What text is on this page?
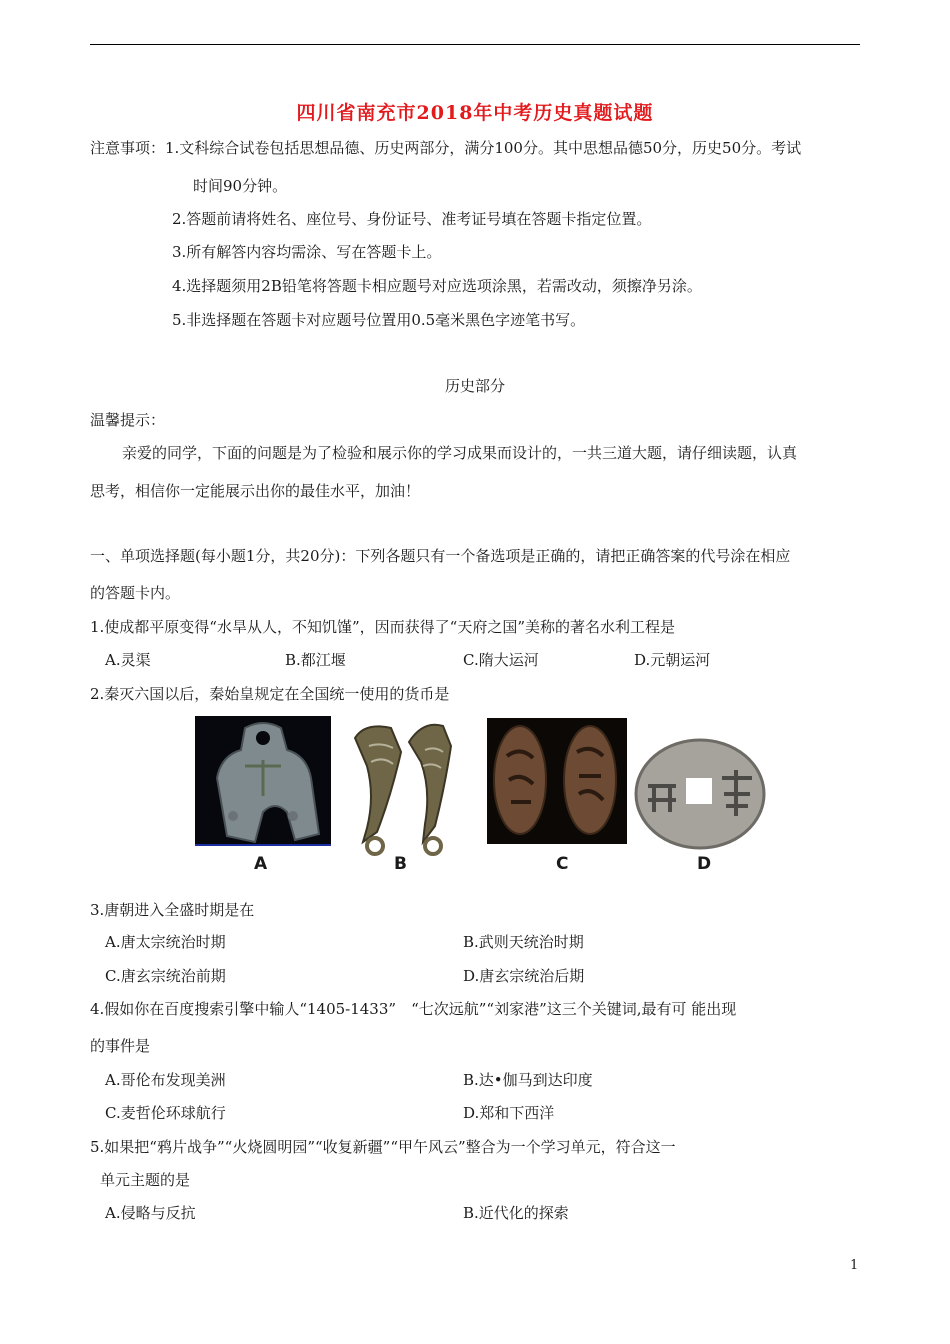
四川省南充市2018年中考历史真题试题
注意事项：1.文科综合试卷包括思想品德、历史两部分，满分100分。其中思想品德50分，历史50分。考试
时间90分钟。
2.答题前请将姓名、座位号、身份证号、准考证号填在答题卡指定位置。
3.所有解答内容均需涂、写在答题卡上。
4.选择题须用2B铅笔将答题卡相应题号对应选项涂黑，若需改动，须擦净另涂。
5.非选择题在答题卡对应题号位置用0.5毫米黑色字迹笔书写。
历史部分
温馨提示：
亲爱的同学，下面的问题是为了检验和展示你的学习成果而设计的，一共三道大题，请仔细读题，认真
思考，相信你一定能展示出你的最佳水平，加油！
一、单项选择题(每小题1分，共20分)：下列各题只有一个备选项是正确的，请把正确答案的代号涂在相应
的答题卡内。
1.使成都平原变得“水旱从人，不知饥馑”，因而获得了“天府之国”美称的著名水利工程是
A.灵渠	B.都江堰	C.隋大运河	D.元朝运河
2.秦灭六国以后，秦始皇规定在全国统一使用的货币是
A	B	C	D
3.唐朝进入全盛时期是在
A.唐太宗统治时期	B.武则天统治时期
C.唐玄宗统治前期	D.唐玄宗统治后期
4.假如你在百度搜索引擎中输人“1405-1433”　“七次远航”“刘家港”这三个关键词,最有可 能出现
的事件是
A.哥伦布发现美洲	B.达•伽马到达印度
C.麦哲伦环球航行	D.郑和下西洋
5.如果把“鸦片战争”“火烧圆明园”“收复新疆”“甲午风云”整合为一个学习单元，符合这一
单元主题的是
A.侵略与反抗	B.近代化的探索
1
